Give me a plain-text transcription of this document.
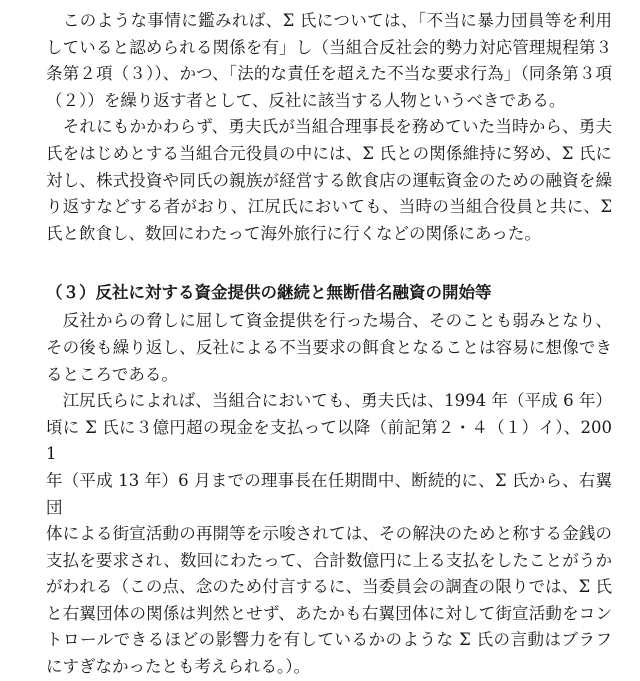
　このような事情に鑑みれば、Σ 氏については、「不当に暴力団員等を利用
していると認められる関係を有」し（当組合反社会的勢力対応管理規程第３
条第２項（３））、かつ、「法的な責任を超えた不当な要求行為」（同条第３項
（２））を繰り返す者として、反社に該当する人物というべきである。
　それにもかかわらず、勇夫氏が当組合理事長を務めていた当時から、勇夫
氏をはじめとする当組合元役員の中には、Σ 氏との関係維持に努め、Σ 氏に
対し、株式投資や同氏の親族が経営する飲食店の運転資金のための融資を繰
り返すなどする者がおり、江尻氏においても、当時の当組合役員と共に、Σ
氏と飲食し、数回にわたって海外旅行に行くなどの関係にあった。
（３）反社に対する資金提供の継続と無断借名融資の開始等
　反社からの脅しに屈して資金提供を行った場合、そのことも弱みとなり、
その後も繰り返し、反社による不当要求の餌食となることは容易に想像でき
るところである。
　江尻氏らによれば、当組合においても、勇夫氏は、1994 年（平成 6 年）
頃に Σ 氏に３億円超の現金を支払って以降（前記第２・４（１）イ）、2001
年（平成 13 年）6 月までの理事長在任期間中、断続的に、Σ 氏から、右翼団
体による街宣活動の再開等を示唆されては、その解決のためと称する金銭の
支払を要求され、数回にわたって、合計数億円に上る支払をしたことがうか
がわれる（この点、念のため付言するに、当委員会の調査の限りでは、Σ 氏
と右翼団体の関係は判然とせず、あたかも右翼団体に対して街宣活動をコン
トロールできるほどの影響力を有しているかのような Σ 氏の言動はブラフ
にすぎなかったとも考えられる。）。
